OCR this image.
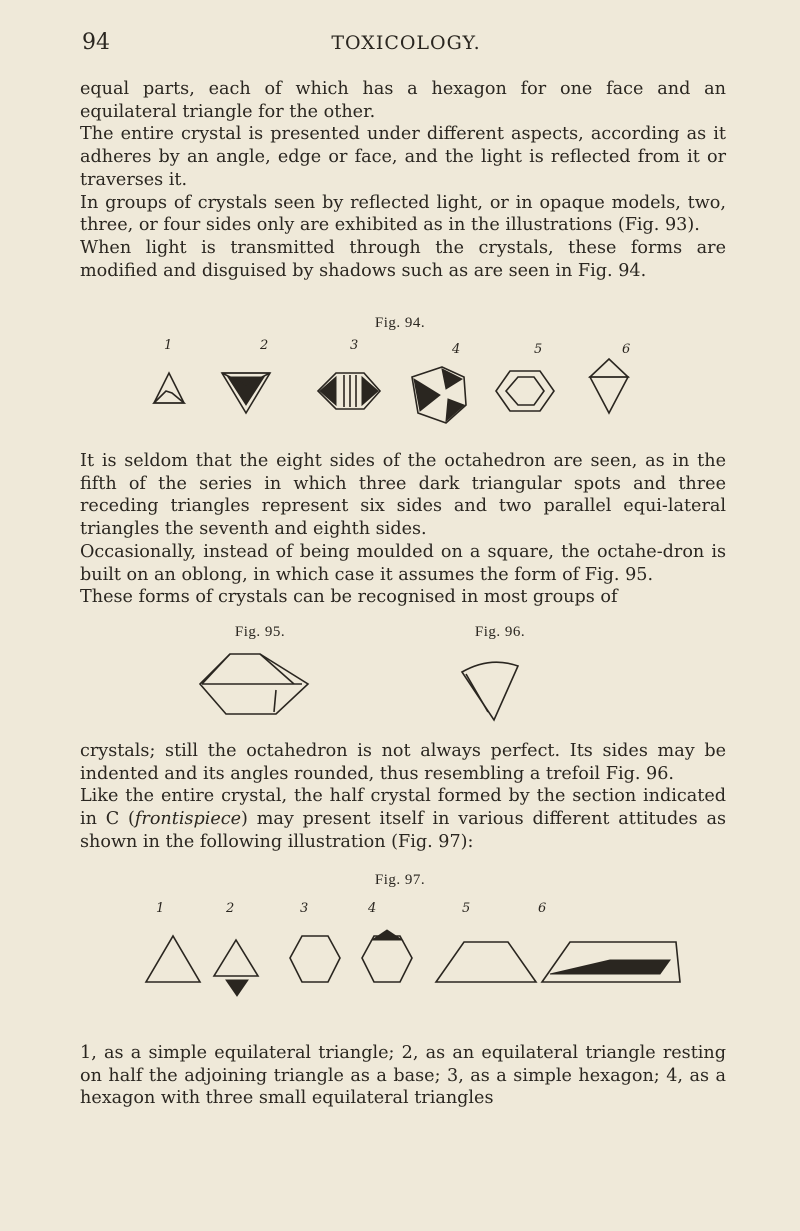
94	TOXICOLOGY.

equal parts, each of which has a hexagon for one face and an equilateral triangle for the other.

The entire crystal is presented under different aspects, according as it adheres by an angle, edge or face, and the light is reflected from it or traverses it.

In groups of crystals seen by reflected light, or in opaque models, two, three, or four sides only are exhibited as in the illustrations (Fig. 93).

When light is transmitted through the crystals, these forms are modified and disguised by shadows such as are seen in Fig. 94.

Fig. 94.
1	2	3	4	5	6

It is seldom that the eight sides of the octahedron are seen, as in the fifth of the series in which three dark triangular spots and three receding triangles represent six sides and two parallel equi-lateral triangles the seventh and eighth sides.

Occasionally, instead of being moulded on a square, the octahe-dron is built on an oblong, in which case it assumes the form of Fig. 95.

These forms of crystals can be recognised in most groups of

Fig. 95.	Fig. 96.

crystals; still the octahedron is not always perfect. Its sides may be indented and its angles rounded, thus resembling a trefoil Fig. 96.

Like the entire crystal, the half crystal formed by the section indicated in C (frontispiece) may present itself in various different attitudes as shown in the following illustration (Fig. 97):

Fig. 97.
1	2	3	4	5	6

1, as a simple equilateral triangle; 2, as an equilateral triangle resting on half the adjoining triangle as a base; 3, as a simple hexagon; 4, as a hexagon with three small equilateral triangles
